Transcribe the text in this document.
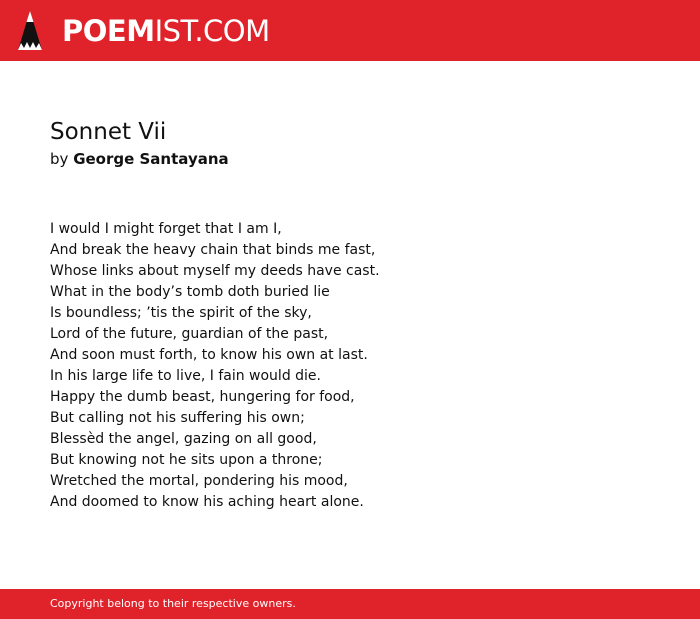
POEMIST.COM
Sonnet Vii
by George Santayana
I would I might forget that I am I,
And break the heavy chain that binds me fast,
Whose links about myself my deeds have cast.
What in the body’s tomb doth buried lie
Is boundless; ’tis the spirit of the sky,
Lord of the future, guardian of the past,
And soon must forth, to know his own at last.
In his large life to live, I fain would die.
Happy the dumb beast, hungering for food,
But calling not his suffering his own;
Blessèd the angel, gazing on all good,
But knowing not he sits upon a throne;
Wretched the mortal, pondering his mood,
And doomed to know his aching heart alone.
Copyright belong to their respective owners.
